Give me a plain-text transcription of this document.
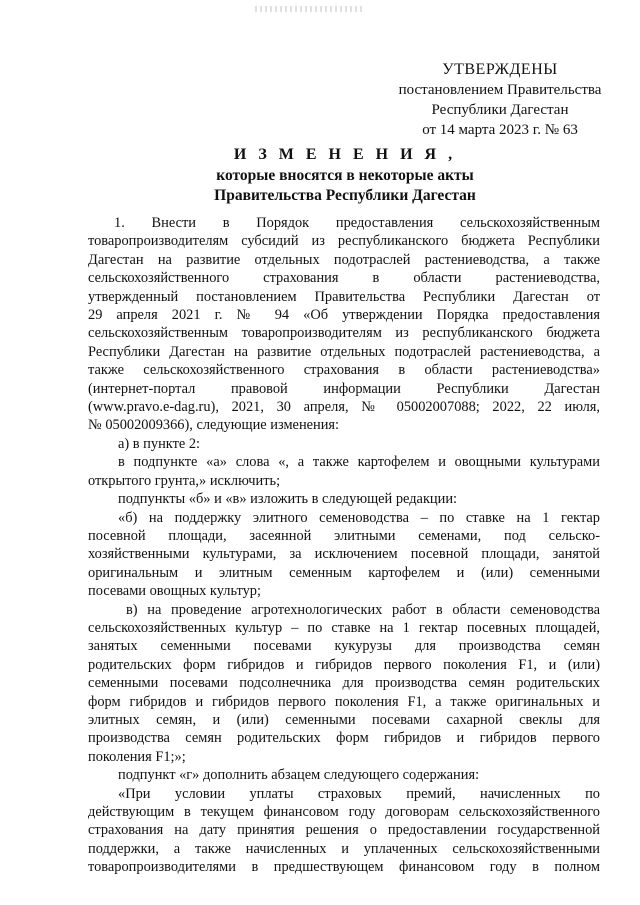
УТВЕРЖДЕНЫ
постановлением Правительства
Республики Дагестан
от 14 марта 2023 г. № 63
И З М Е Н Е Н И Я ,
которые вносятся в некоторые акты
Правительства Республики Дагестан

1. Внести в Порядок предоставления сельскохозяйственным

товаропроизводителям субсидий из республиканского бюджета Республики

Дагестан на развитие отдельных подотраслей растениеводства, а также

сельскохозяйственного страхования в области растениеводства,

утвержденный постановлением Правительства Республики Дагестан от

29 апреля 2021 г. № 94 «Об утверждении Порядка предоставления

сельскохозяйственным товаропроизводителям из республиканского бюджета

Республики Дагестан на развитие отдельных подотраслей растениеводства, а

также сельскохозяйственного страхования в области растениеводства»

(интернет-портал правовой информации Республики Дагестан

(www.pravo.e-dag.ru), 2021, 30 апреля, № 05002007088; 2022, 22 июля,

№ 05002009366), следующие изменения:

а) в пункте 2:

в подпункте «а» слова «, а также картофелем и овощными культурами

открытого грунта,» исключить;

подпункты «б» и «в» изложить в следующей редакции:

«б) на поддержку элитного семеноводства – по ставке на 1 гектар

посевной площади, засеянной элитными семенами, под сельско-

хозяйственными культурами, за исключением посевной площади, занятой

оригинальным и элитным семенным картофелем и (или) семенными

посевами овощных культур;

в) на проведение агротехнологических работ в области семеноводства

сельскохозяйственных культур – по ставке на 1 гектар посевных площадей,

занятых семенными посевами кукурузы для производства семян

родительских форм гибридов и гибридов первого поколения F1, и (или)

семенными посевами подсолнечника для производства семян родительских

форм гибридов и гибридов первого поколения F1, а также оригинальных и

элитных семян, и (или) семенными посевами сахарной свеклы для

производства семян родительских форм гибридов и гибридов первого

поколения F1;»;

подпункт «г» дополнить абзацем следующего содержания:

«При условии уплаты страховых премий, начисленных по

действующим в текущем финансовом году договорам сельскохозяйственного

страхования на дату принятия решения о предоставлении государственной

поддержки, а также начисленных и уплаченных сельскохозяйственными

товаропроизводителями в предшествующем финансовом году в полном
